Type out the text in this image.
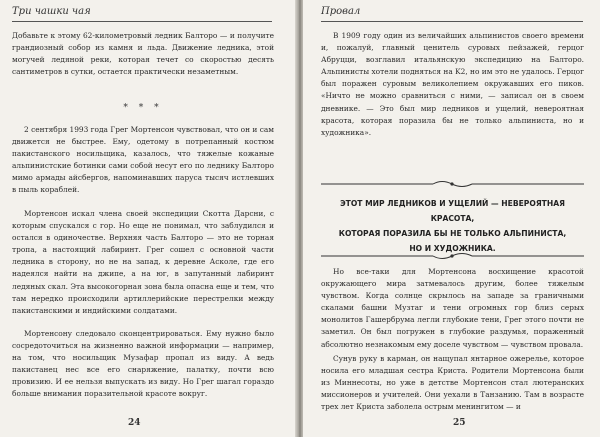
Три чашки чая

Добавьте к этому 62-километровый ледник Балторо — и получите грандиозный собор из камня и льда. Движение ледника, этой могучей ледяной реки, которая течет со скоростью десять сантиметров в сутки, остается практически незаметным.

* * *

2 сентября 1993 года Грег Мортенсон чувствовал, что он и сам движется не быстрее. Ему, одетому в потрепанный костюм пакистанского носильщика, казалось, что тяжелые кожаные альпинистские ботинки сами собой несут его по леднику Балторо мимо армады айсбергов, напоминавших паруса тысяч истлевших в пыль кораблей.

Мортенсон искал члена своей экспедиции Скотта Дарсни, с которым спускался с гор. Но еще не понимал, что заблудился и остался в одиночестве. Верхняя часть Балторо — это не торная тропа, а настоящий лабиринт. Грег сошел с основной части ледника в сторону, но не на запад, к деревне Асколе, где его надеялся найти на джипе, а на юг, в запутанный лабиринт ледяных скал. Эта высокогорная зона была опасна еще и тем, что там нередко происходили артиллерийские перестрелки между пакистанскими и индийскими солдатами.

Мортенсону следовало сконцентрироваться. Ему нужно было сосредоточиться на жизненно важной информации — например, на том, что носильщик Музафар пропал из виду. А ведь пакистанец нес все его снаряжение, палатку, почти всю провизию. И ее нельзя выпускать из виду. Но Грег шагал гораздо больше внимания поразительной красоте вокруг.

24
Провал

В 1909 году один из величайших альпинистов своего времени и, пожалуй, главный ценитель суровых пейзажей, герцог Абруцци, возглавил итальянскую экспедицию на Балторо. Альпинисты хотели подняться на K2, но им это не удалось. Герцог был поражен суровым великолепием окружавших его пиков. «Ничто не можно сравниться с ними, — записал он в своем дневнике. — Это был мир ледников и ущелий, невероятная красота, которая поразила бы не только альпиниста, но и художника».

ЭТОТ МИР ЛЕДНИКОВ И УЩЕЛИЙ — НЕВЕРОЯТНАЯ КРАСОТА,
КОТОРАЯ ПОРАЗИЛА БЫ НЕ ТОЛЬКО АЛЬПИНИСТА,
НО И ХУДОЖНИКА.

Но все-таки для Мортенсона восхищение красотой окружающего мира затмевалось другим, более тяжелым чувством. Когда солнце скрылось на западе за граничными скалами башни Музтаг и тени огромных гор близ серых монолитов Гашербрума легли глубокие тени, Грег этого почти не заметил. Он был погружен в глубокие раздумья, пораженный абсолютно незнакомым ему доселе чувством — чувством провала.

Сунув руку в карман, он нащупал янтарное ожерелье, которое носила его младшая сестра Криста. Родители Мортенсона были из Миннесоты, но уже в детстве Мортенсон стал лютеранских миссионеров и учителей. Они уехали в Танзанию. Там в возрасте трех лет Криста заболела острым менингитом — и

25
